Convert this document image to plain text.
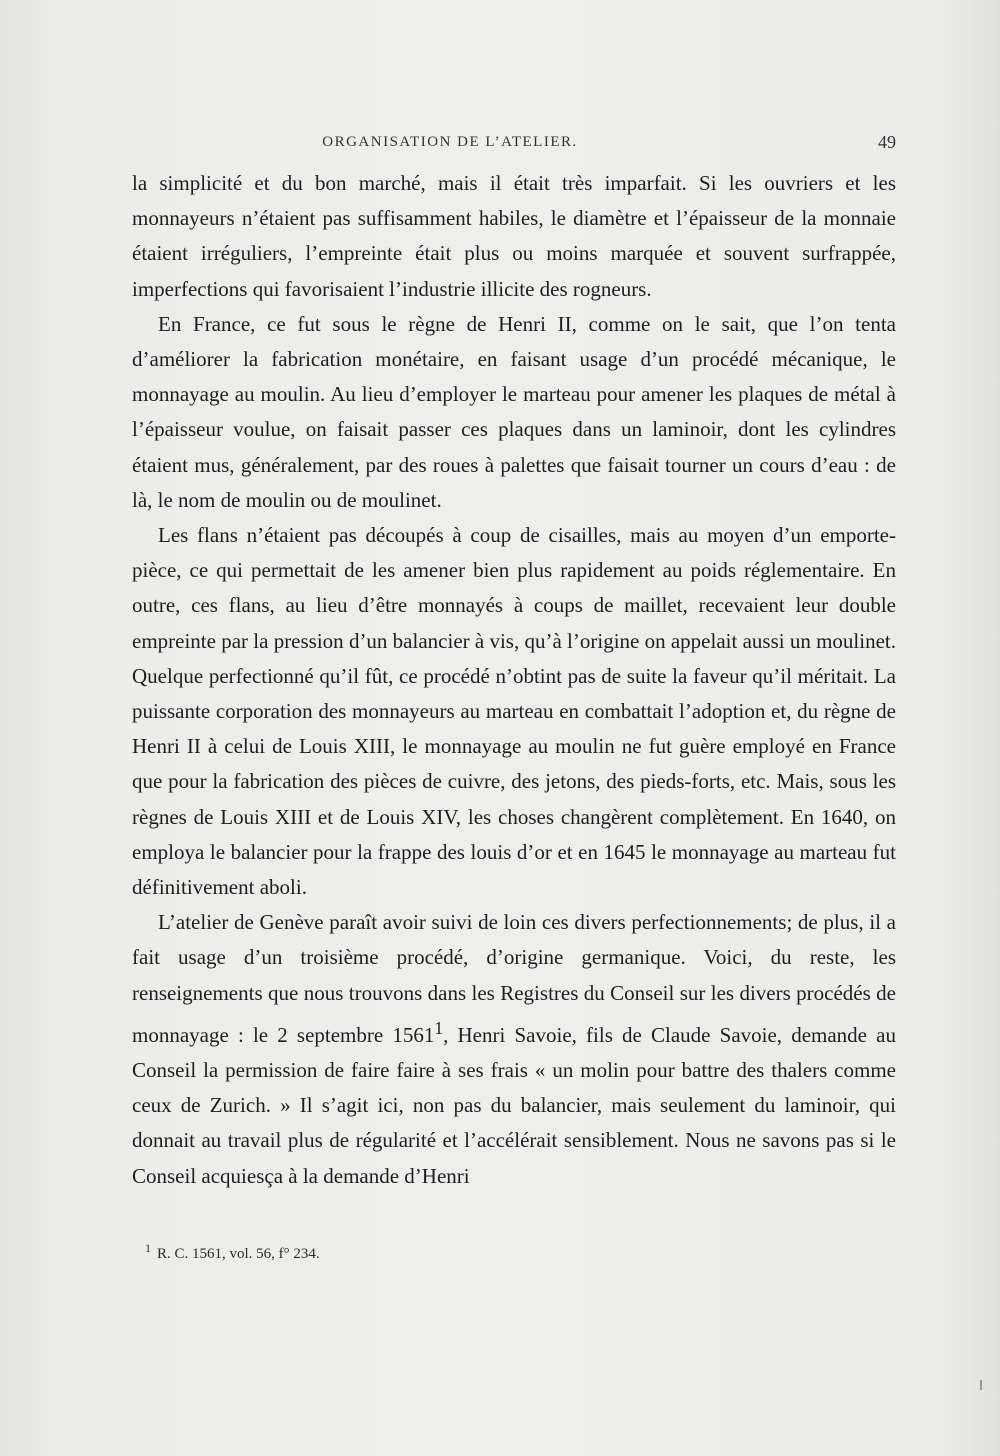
ORGANISATION DE L’ATELIER.	49

la simplicité et du bon marché, mais il était très imparfait. Si les ouvriers et les monnayeurs n’étaient pas suffisamment habiles, le diamètre et l’épaisseur de la monnaie étaient irréguliers, l’empreinte était plus ou moins marquée et souvent surfrappée, imperfections qui favorisaient l’industrie illicite des rogneurs.

En France, ce fut sous le règne de Henri II, comme on le sait, que l’on tenta d’améliorer la fabrication monétaire, en faisant usage d’un procédé mécanique, le monnayage au moulin. Au lieu d’employer le marteau pour amener les plaques de métal à l’épaisseur voulue, on faisait passer ces plaques dans un laminoir, dont les cylindres étaient mus, généralement, par des roues à palettes que faisait tourner un cours d’eau : de là, le nom de moulin ou de moulinet.

Les flans n’étaient pas découpés à coup de cisailles, mais au moyen d’un emporte-pièce, ce qui permettait de les amener bien plus rapidement au poids réglementaire. En outre, ces flans, au lieu d’être monnayés à coups de maillet, recevaient leur double empreinte par la pression d’un balancier à vis, qu’à l’origine on appelait aussi un moulinet. Quelque perfectionné qu’il fût, ce procédé n’obtint pas de suite la faveur qu’il méritait. La puissante corporation des monnayeurs au marteau en combattait l’adoption et, du règne de Henri II à celui de Louis XIII, le monnayage au moulin ne fut guère employé en France que pour la fabrication des pièces de cuivre, des jetons, des pieds-forts, etc. Mais, sous les règnes de Louis XIII et de Louis XIV, les choses changèrent complètement. En 1640, on employa le balancier pour la frappe des louis d’or et en 1645 le monnayage au marteau fut définitivement aboli.

L’atelier de Genève paraît avoir suivi de loin ces divers perfectionnements; de plus, il a fait usage d’un troisième procédé, d’origine germanique. Voici, du reste, les renseignements que nous trouvons dans les Registres du Conseil sur les divers procédés de monnayage : le 2 septembre 1561$^1$, Henri Savoie, fils de Claude Savoie, demande au Conseil la permission de faire faire à ses frais « un molin pour battre des thalers comme ceux de Zurich. » Il s’agit ici, non pas du balancier, mais seulement du laminoir, qui donnait au travail plus de régularité et l’accélérait sensiblement. Nous ne savons pas si le Conseil acquiesça à la demande d’Henri

$^1$ R. C. 1561, vol. 56, f° 234.
